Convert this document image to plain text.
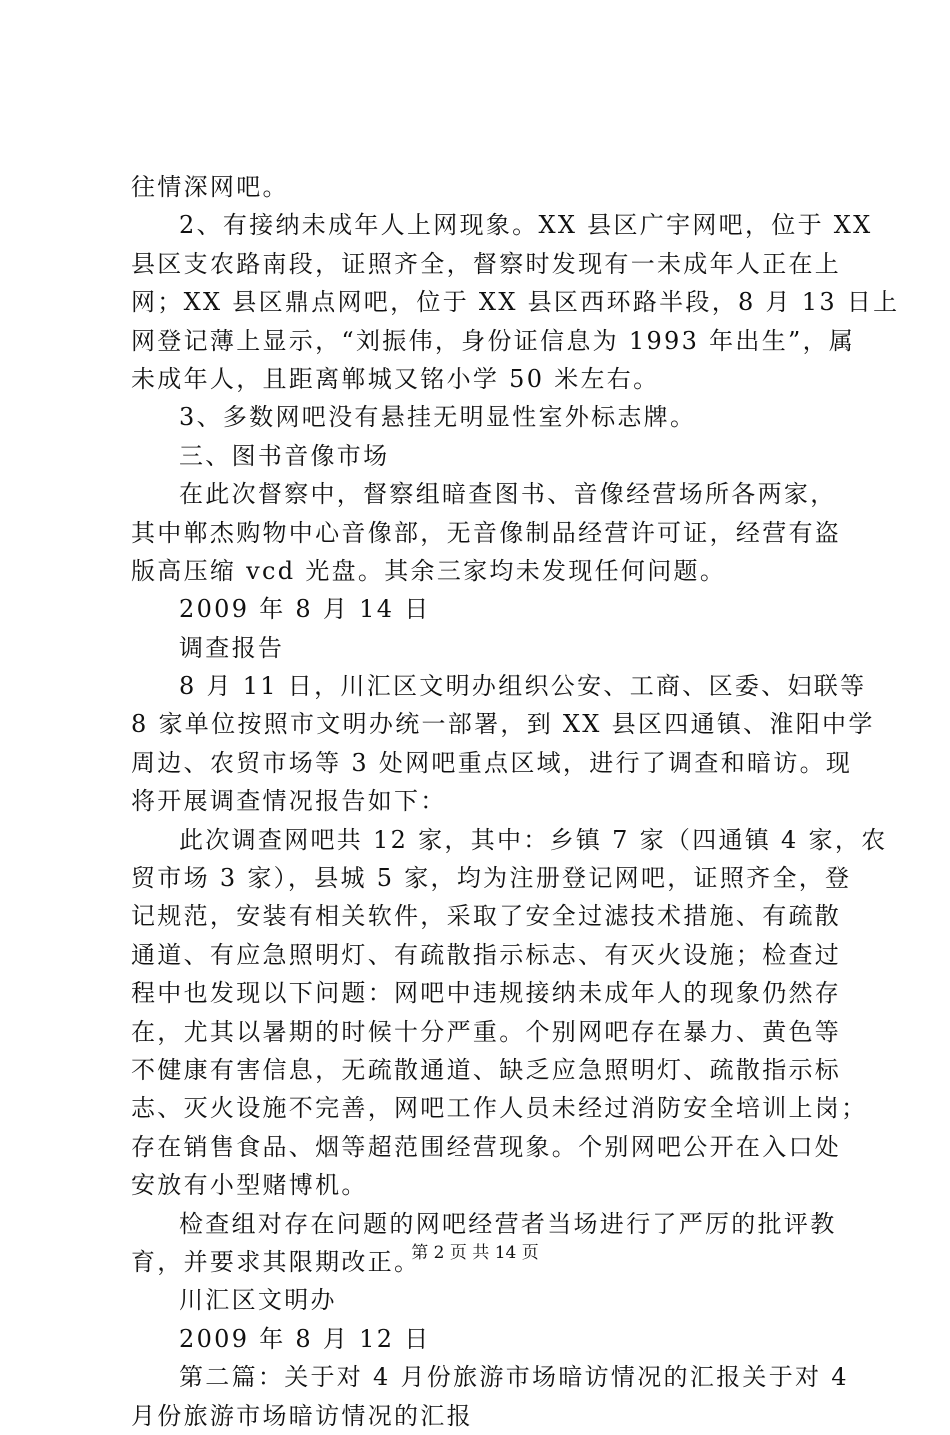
往情深网吧。
2、有接纳未成年人上网现象。XX 县区广宇网吧，位于 XX
县区支农路南段，证照齐全，督察时发现有一未成年人正在上
网；XX 县区鼎点网吧，位于 XX 县区西环路半段，8 月 13 日上
网登记薄上显示，“刘振伟，身份证信息为 1993 年出生”，属
未成年人，且距离郸城又铭小学 50 米左右。
3、多数网吧没有悬挂无明显性室外标志牌。
三、图书音像市场
在此次督察中，督察组暗查图书、音像经营场所各两家，
其中郸杰购物中心音像部，无音像制品经营许可证，经营有盗
版高压缩 vcd 光盘。其余三家均未发现任何问题。
2009 年 8 月 14 日
调查报告
8 月 11 日，川汇区文明办组织公安、工商、区委、妇联等
8 家单位按照市文明办统一部署，到 XX 县区四通镇、淮阳中学
周边、农贸市场等 3 处网吧重点区域，进行了调查和暗访。现
将开展调查情况报告如下：
此次调查网吧共 12 家，其中：乡镇 7 家（四通镇 4 家，农
贸市场 3 家），县城 5 家，均为注册登记网吧，证照齐全，登
记规范，安装有相关软件，采取了安全过滤技术措施、有疏散
通道、有应急照明灯、有疏散指示标志、有灭火设施；检查过
程中也发现以下问题：网吧中违规接纳未成年人的现象仍然存
在，尤其以暑期的时候十分严重。个别网吧存在暴力、黄色等
不健康有害信息，无疏散通道、缺乏应急照明灯、疏散指示标
志、灭火设施不完善，网吧工作人员未经过消防安全培训上岗；
存在销售食品、烟等超范围经营现象。个别网吧公开在入口处
安放有小型赌博机。
检查组对存在问题的网吧经营者当场进行了严厉的批评教
育，并要求其限期改正。
川汇区文明办
2009 年 8 月 12 日
第二篇：关于对 4 月份旅游市场暗访情况的汇报关于对 4
月份旅游市场暗访情况的汇报
第 2 页 共 14 页
